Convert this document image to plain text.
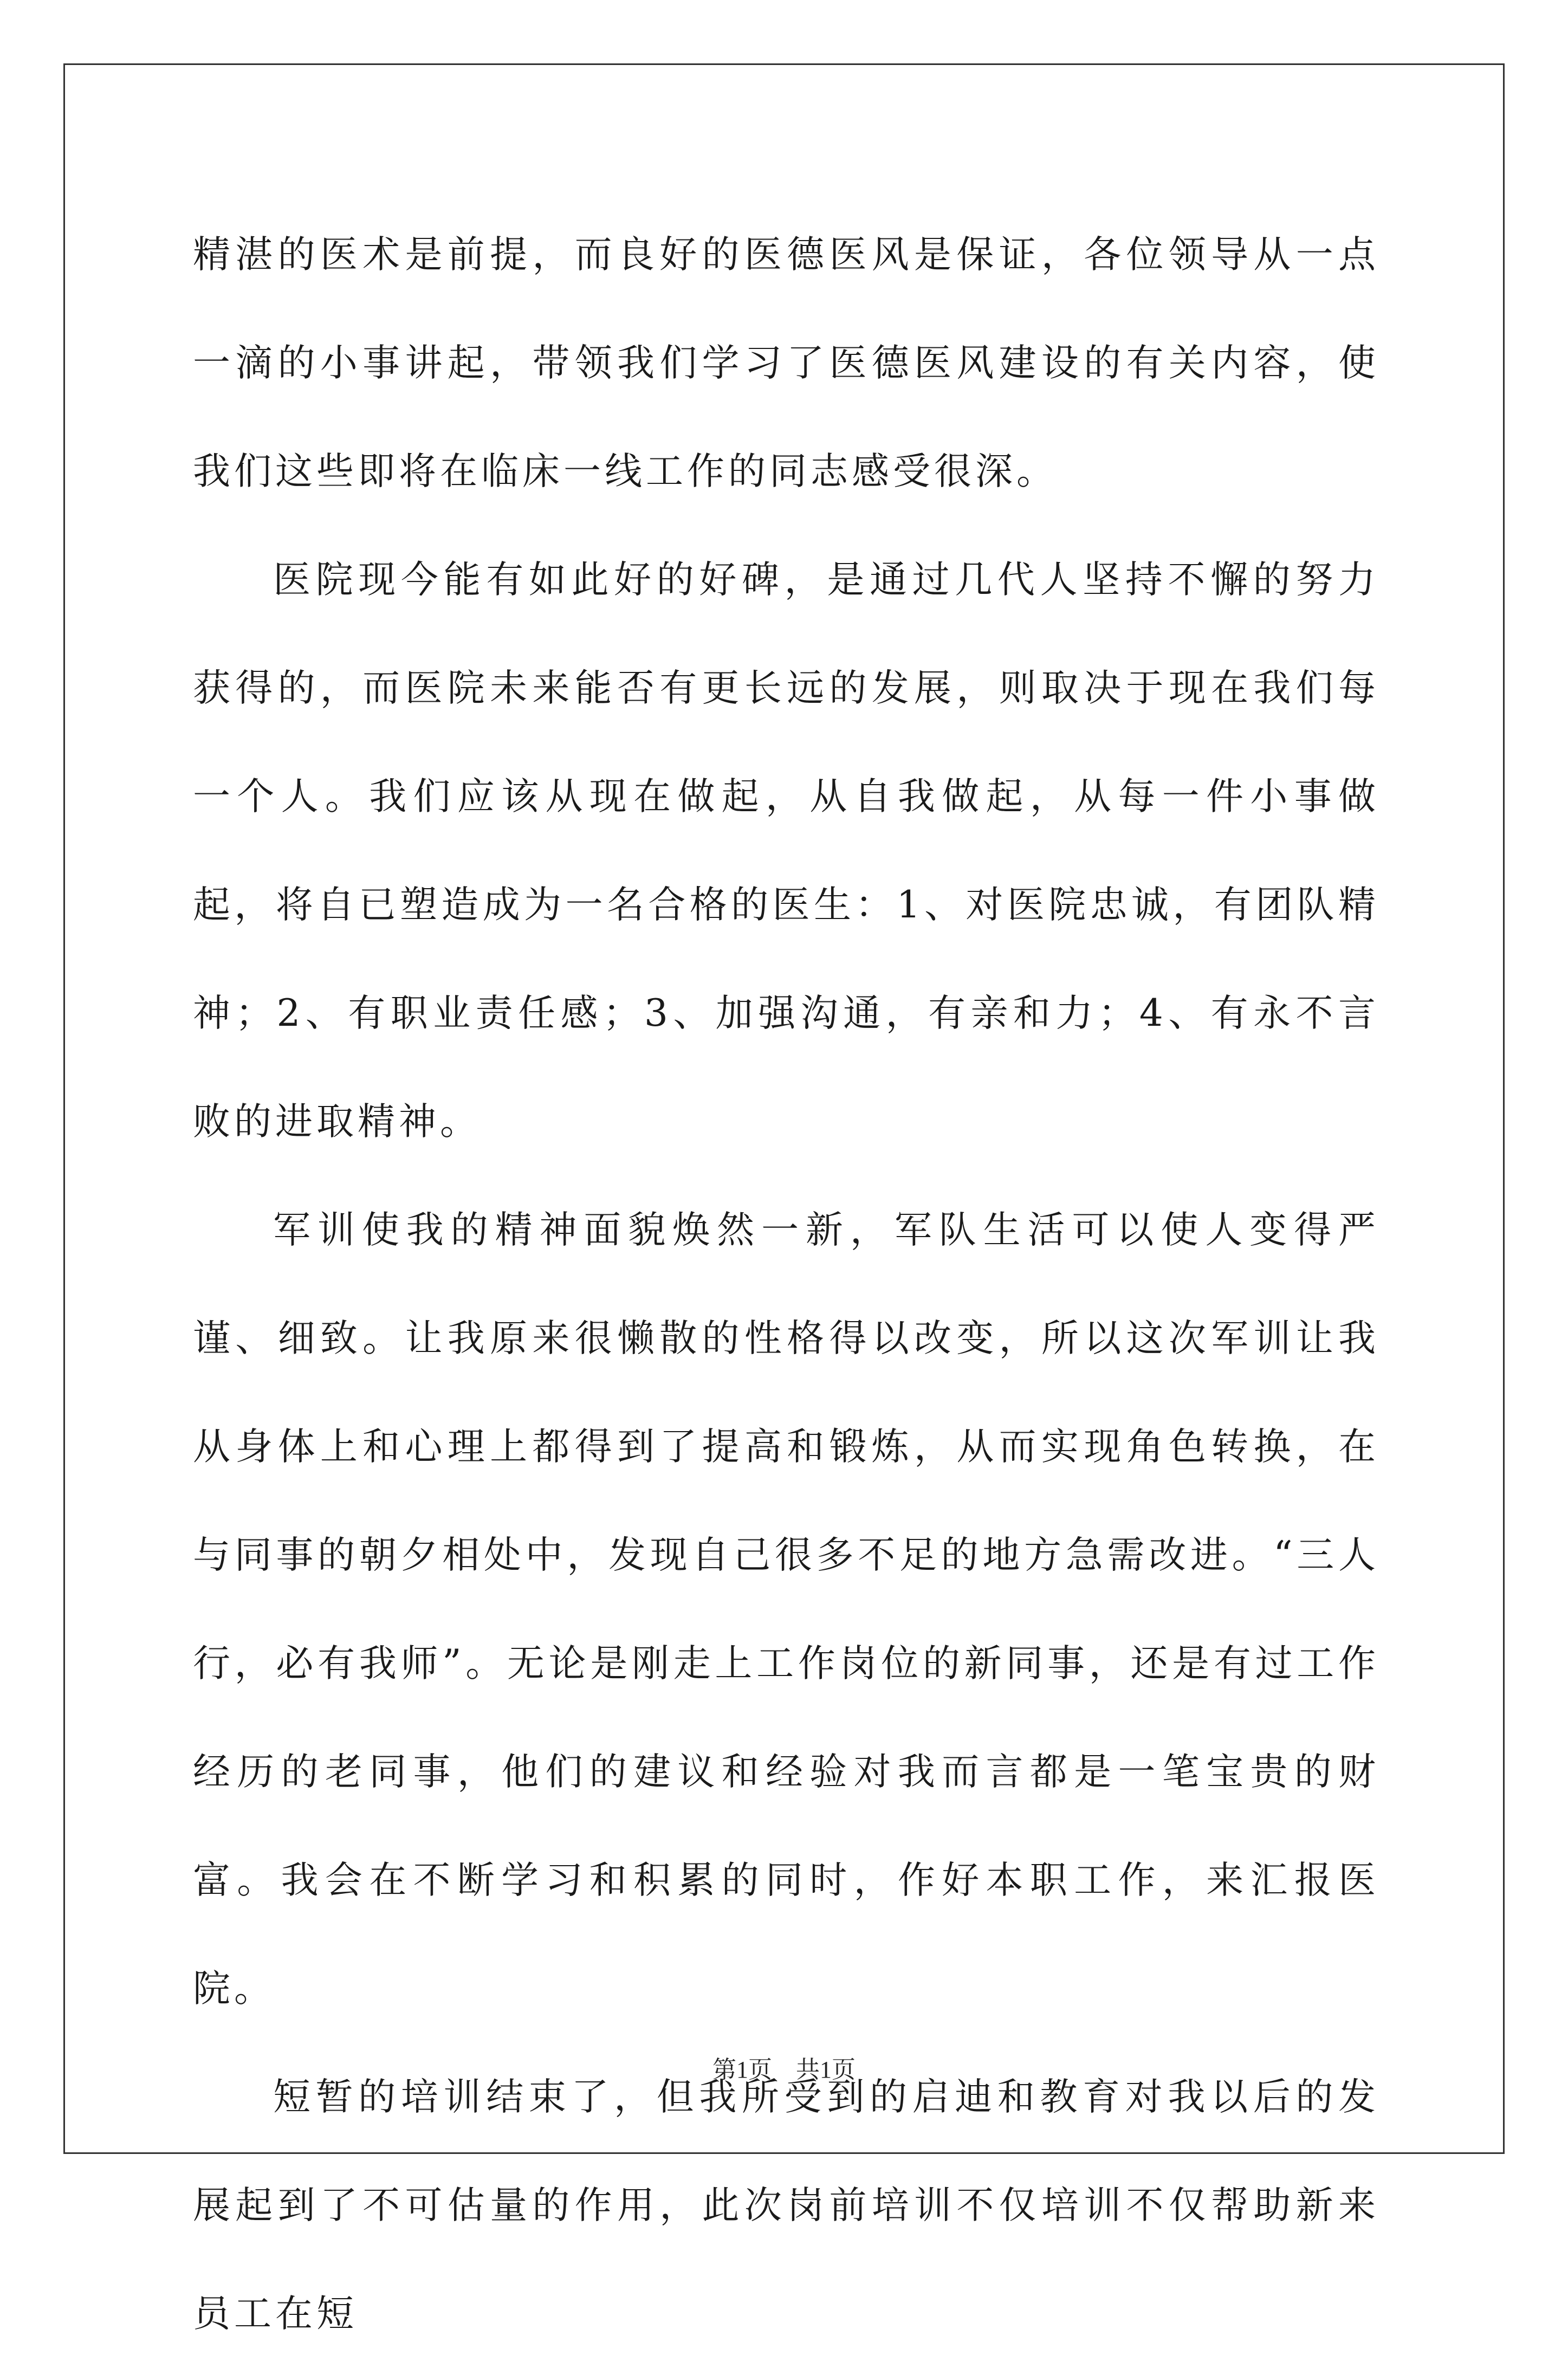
精湛的医术是前提，而良好的医德医风是保证，各位领导从一点一滴的小事讲起，带领我们学习了医德医风建设的有关内容，使我们这些即将在临床一线工作的同志感受很深。

医院现今能有如此好的好碑，是通过几代人坚持不懈的努力获得的，而医院未来能否有更长远的发展，则取决于现在我们每一个人。我们应该从现在做起，从自我做起，从每一件小事做起，将自已塑造成为一名合格的医生：1、对医院忠诚，有团队精神；2、有职业责任感；3、加强沟通，有亲和力；4、有永不言败的进取精神。

军训使我的精神面貌焕然一新，军队生活可以使人变得严谨、细致。让我原来很懒散的性格得以改变，所以这次军训让我从身体上和心理上都得到了提高和锻炼，从而实现角色转换，在与同事的朝夕相处中，发现自己很多不足的地方急需改进。“三人行，必有我师”。无论是刚走上工作岗位的新同事，还是有过工作经历的老同事，他们的建议和经验对我而言都是一笔宝贵的财富。我会在不断学习和积累的同时，作好本职工作，来汇报医院。

短暂的培训结束了，但我所受到的启迪和教育对我以后的发展起到了不可估量的作用，此次岗前培训不仅培训不仅帮助新来员工在短

第1页　共1页
